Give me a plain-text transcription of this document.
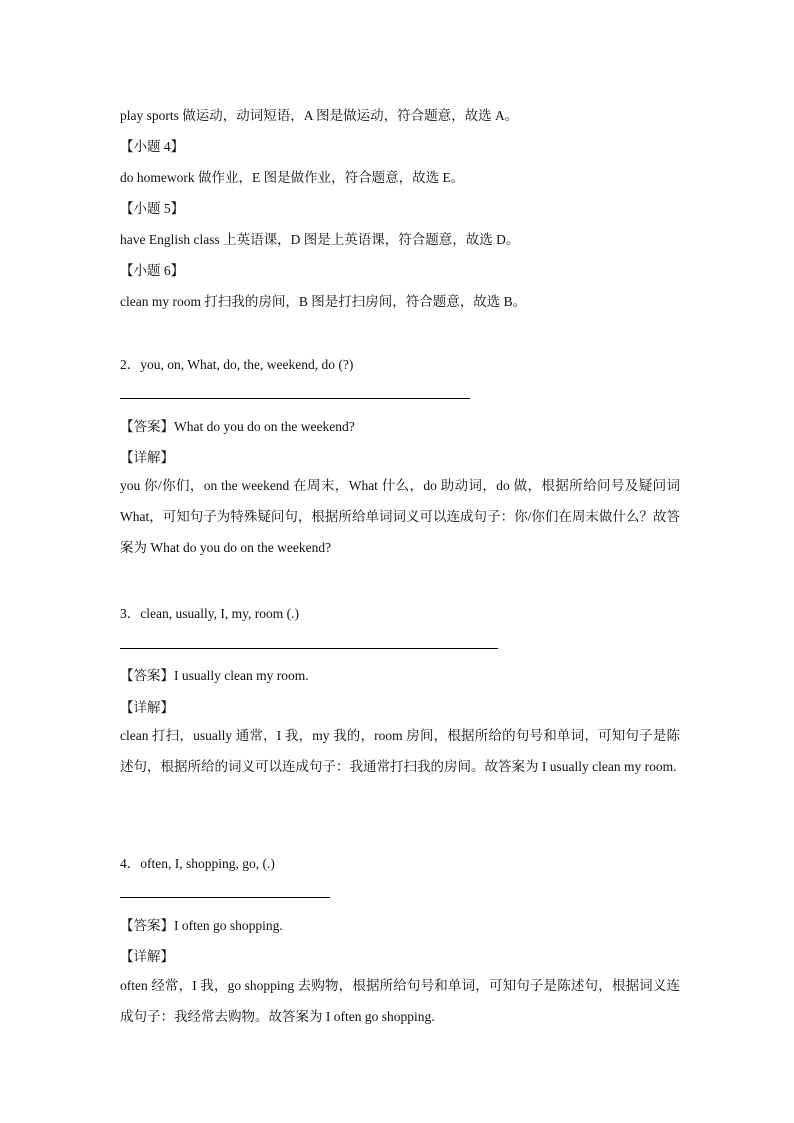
play sports 做运动，动词短语，A 图是做运动，符合题意，故选 A。
【小题 4】
do homework 做作业，E 图是做作业，符合题意，故选 E。
【小题 5】
have English class 上英语课，D 图是上英语课，符合题意，故选 D。
【小题 6】
clean my room 打扫我的房间，B 图是打扫房间，符合题意，故选 B。
2．you, on, What, do, the, weekend, do (?)
【答案】What do you do on the weekend?
【详解】
you 你/你们，on the weekend 在周末，What 什么，do 助动词，do 做，根据所给问号及疑问词 What，可知句子为特殊疑问句，根据所给单词词义可以连成句子：你/你们在周末做什么？故答案为 What do you do on the weekend?
3．clean, usually, I, my, room (.)
【答案】I usually clean my room.
【详解】
clean 打扫，usually 通常，I 我，my 我的，room 房间，根据所给的句号和单词，可知句子是陈述句，根据所给的词义可以连成句子：我通常打扫我的房间。故答案为 I usually clean my room.
4．often, I, shopping, go, (.)
【答案】I often go shopping.
【详解】
often 经常，I 我，go shopping 去购物，根据所给句号和单词，可知句子是陈述句，根据词义连成句子：我经常去购物。故答案为 I often go shopping.
